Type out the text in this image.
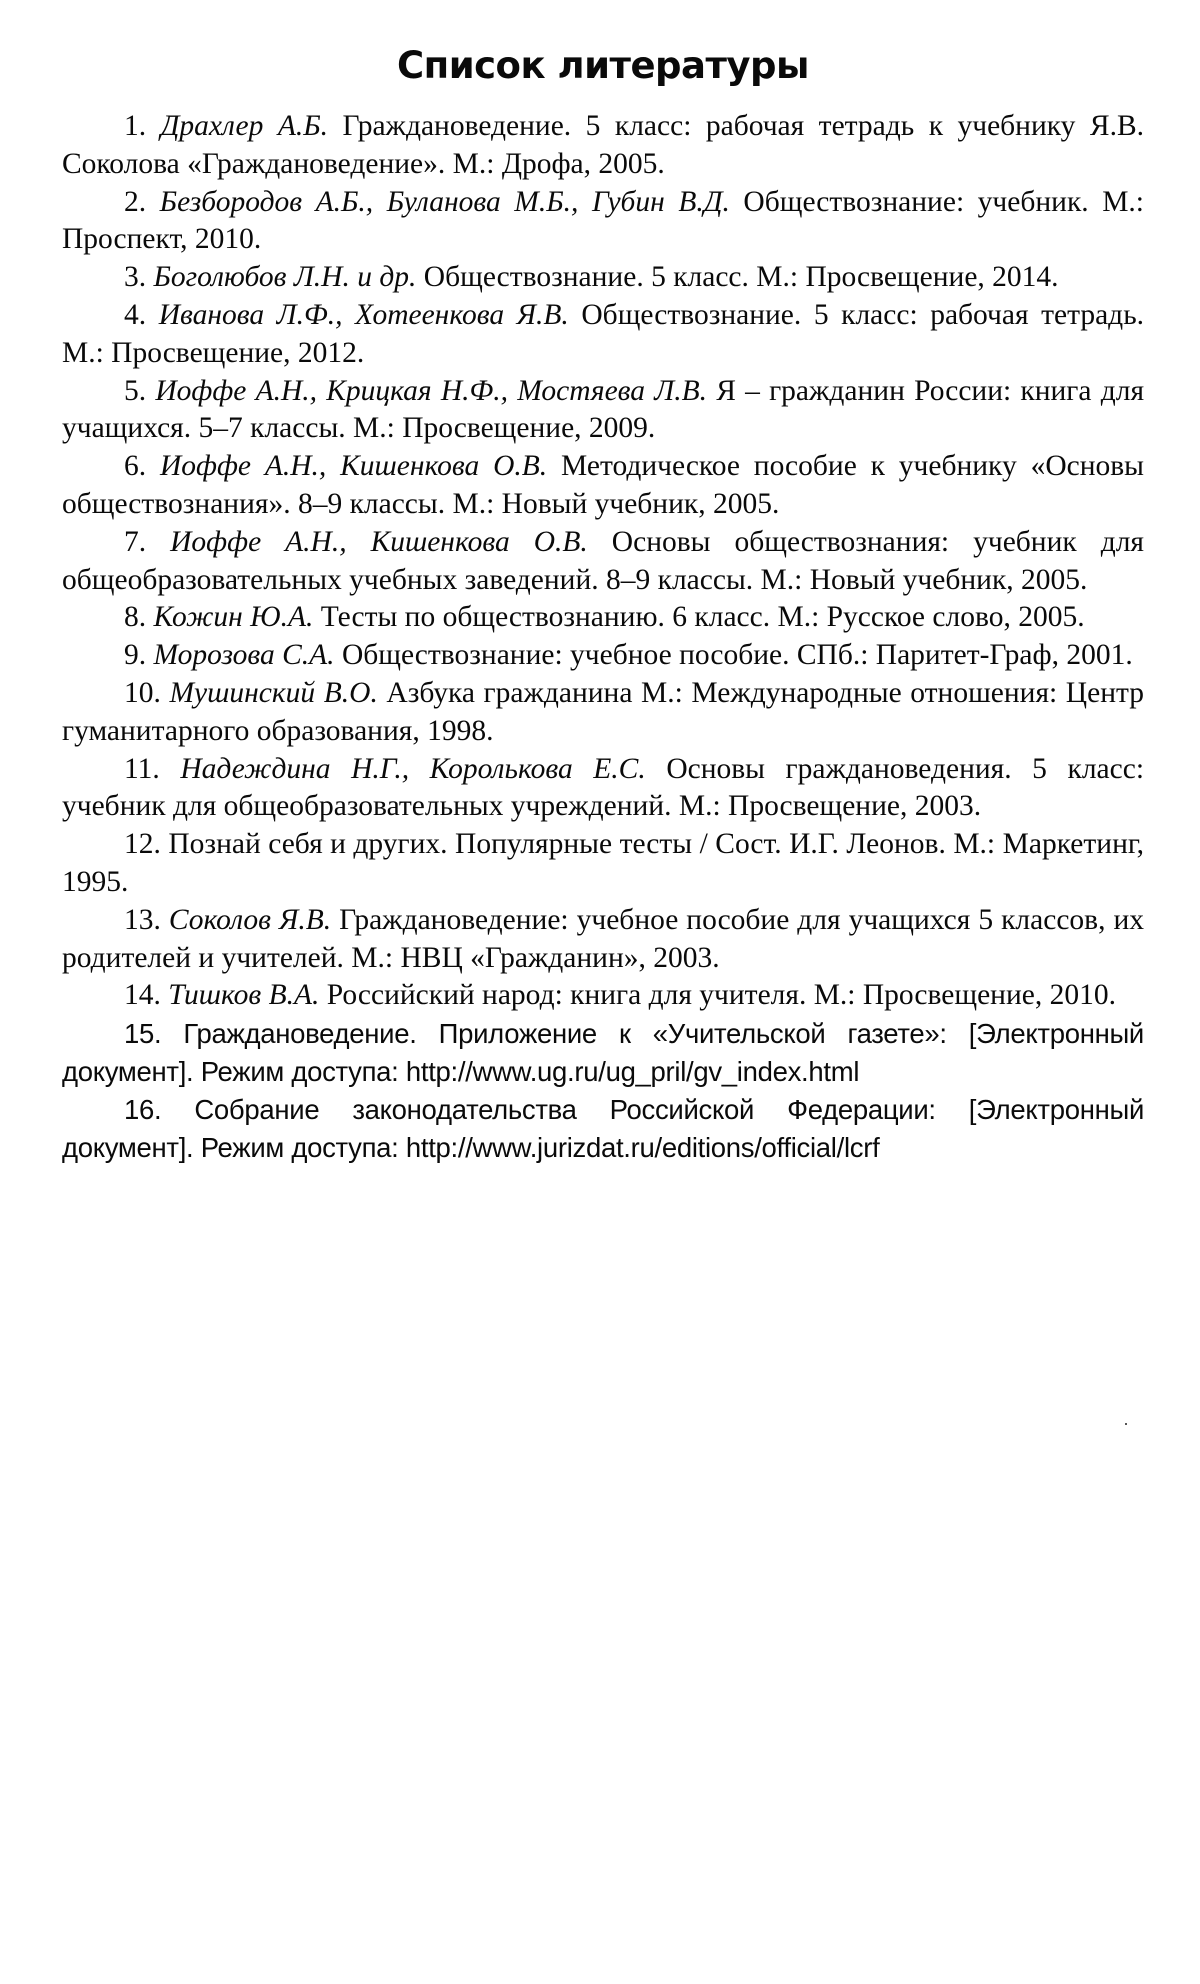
Список литературы

1. Драхлер А.Б. Граждановедение. 5 класс: рабочая тетрадь к учебнику Я.В. Соколова «Граждановедение». М.: Дрофа, 2005.

2. Безбородов А.Б., Буланова М.Б., Губин В.Д. Обществознание: учебник. М.: Проспект, 2010.

3. Боголюбов Л.Н. и др. Обществознание. 5 класс. М.: Просвещение, 2014.

4. Иванова Л.Ф., Хотеенкова Я.В. Обществознание. 5 класс: рабочая тетрадь. М.: Просвещение, 2012.

5. Иоффе А.Н., Крицкая Н.Ф., Мостяева Л.В. Я – гражданин России: книга для учащихся. 5–7 классы. М.: Просвещение, 2009.

6. Иоффе А.Н., Кишенкова О.В. Методическое пособие к учебнику «Основы обществознания». 8–9 классы. М.: Новый учебник, 2005.

7. Иоффе А.Н., Кишенкова О.В. Основы обществознания: учебник для общеобразовательных учебных заведений. 8–9 классы. М.: Новый учебник, 2005.

8. Кожин Ю.А. Тесты по обществознанию. 6 класс. М.: Русское слово, 2005.

9. Морозова С.А. Обществознание: учебное пособие. СПб.: Паритет-Граф, 2001.

10. Мушинский В.О. Азбука гражданина М.: Международные отношения: Центр гуманитарного образования, 1998.

11. Надеждина Н.Г., Королькова Е.С. Основы граждановедения. 5 класс: учебник для общеобразовательных учреждений. М.: Просвещение, 2003.

12. Познай себя и других. Популярные тесты / Сост. И.Г. Леонов. М.: Маркетинг, 1995.

13. Соколов Я.В. Граждановедение: учебное пособие для учащихся 5 классов, их родителей и учителей. М.: НВЦ «Гражданин», 2003.

14. Тишков В.А. Российский народ: книга для учителя. М.: Просвещение, 2010.

15. Граждановедение. Приложение к «Учительской газете»: [Электронный документ]. Режим доступа: http://www.ug.ru/ug_pril/gv_index.html

16. Собрание законодательства Российской Федерации: [Электронный документ]. Режим доступа: http://www.jurizdat.ru/editions/official/lcrf
